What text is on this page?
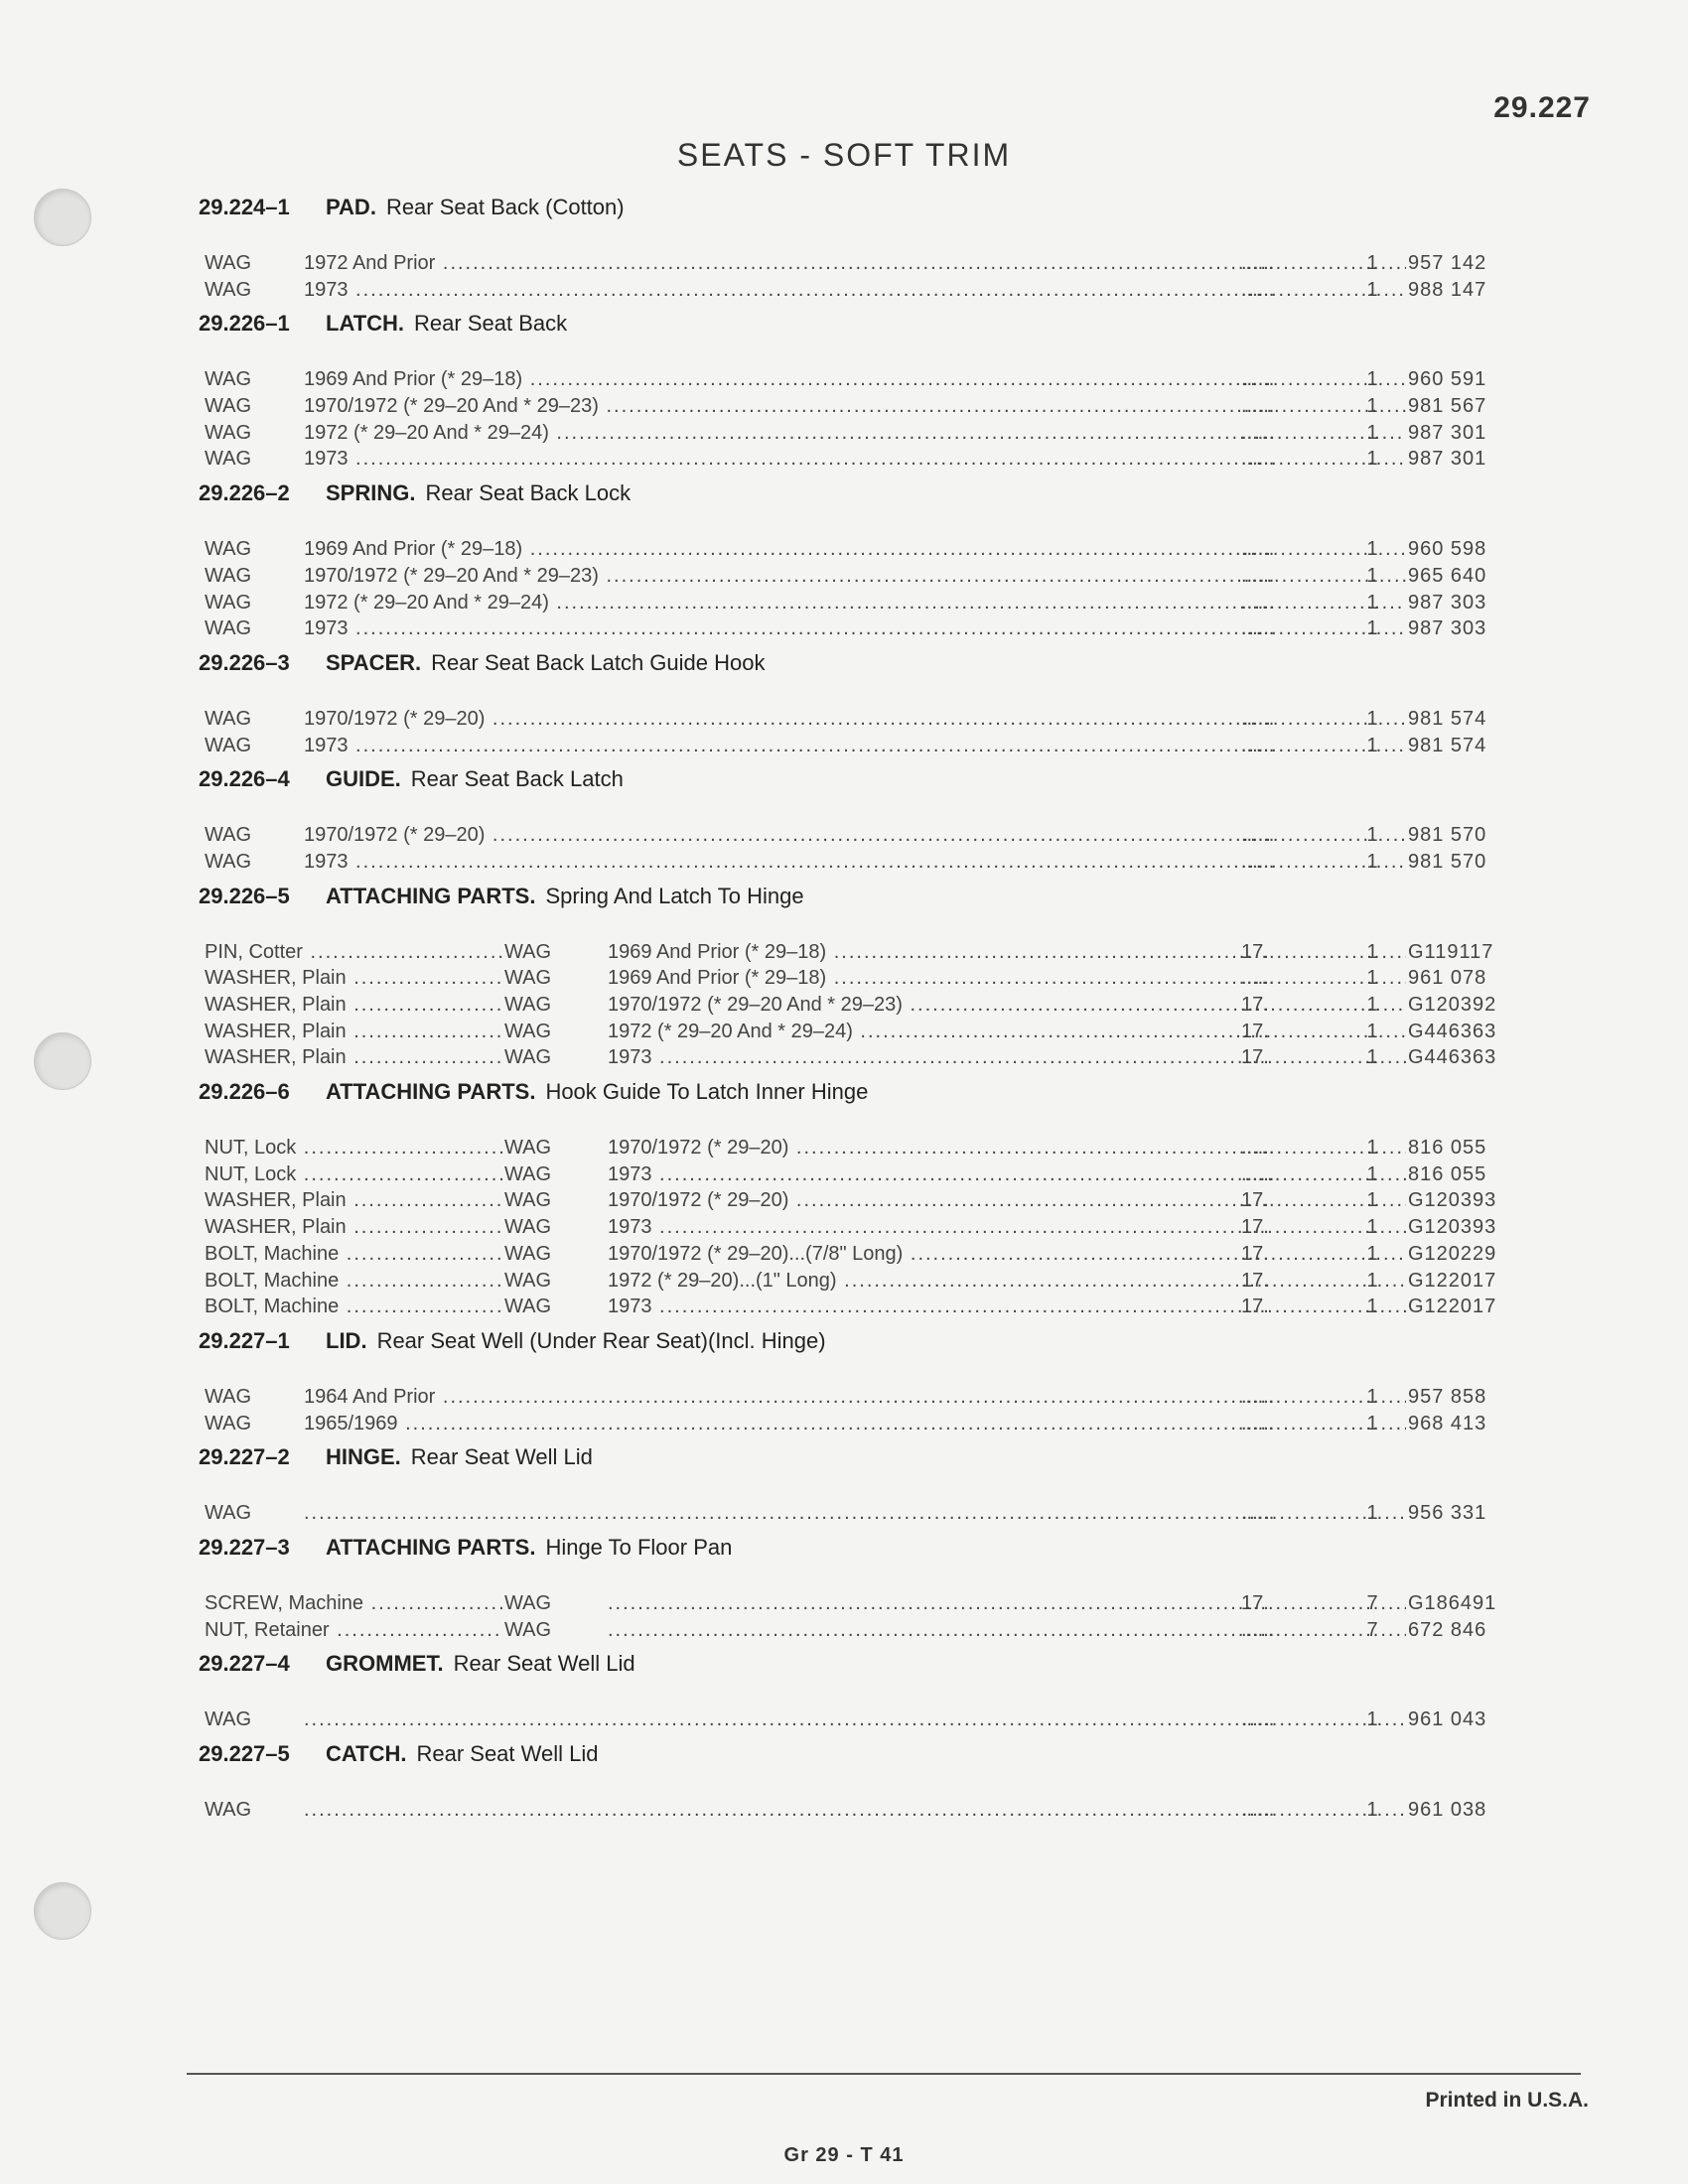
29.227
SEATS - SOFT TRIM
29.224–1 PAD. Rear Seat Back (Cotton)
WAG	1972 And Prior .....	......	1 957 142
WAG	1973 .....	......	1 988 147
29.226–1 LATCH. Rear Seat Back
WAG	1969 And Prior (* 29–18) .....	......	1 960 591
WAG	1970/1972 (* 29–20 And * 29–23) .....	......	1 981 567
WAG	1972 (* 29–20 And * 29–24) .....	......	1 987 301
WAG	1973 .....	......	1 987 301
29.226–2 SPRING. Rear Seat Back Lock
WAG	1969 And Prior (* 29–18) .....	......	1 960 598
WAG	1970/1972 (* 29–20 And * 29–23) .....	......	1 965 640
WAG	1972 (* 29–20 And * 29–24) .....	......	1 987 303
WAG	1973 .....	......	1 987 303
29.226–3 SPACER. Rear Seat Back Latch Guide Hook
WAG	1970/1972 (* 29–20) .....	......	1 981 574
WAG	1973 .....	......	1 981 574
29.226–4 GUIDE. Rear Seat Back Latch
WAG	1970/1972 (* 29–20) .....	......	1 981 570
WAG	1973 .....	......	1 981 570
29.226–5 ATTACHING PARTS. Spring And Latch To Hinge
PIN, Cotter .....	WAG	1969 And Prior (* 29–18) .....	17.	1 G119117
WASHER, Plain .....	WAG	1969 And Prior (* 29–18) .....	......	1 961 078
WASHER, Plain .....	WAG	1970/1972 (* 29–20 And * 29–23) .....	17.	1 G120392
WASHER, Plain .....	WAG	1972 (* 29–20 And * 29–24) .....	17.	1 G446363
WASHER, Plain .....	WAG	1973 .....	17.	1 G446363
29.226–6 ATTACHING PARTS. Hook Guide To Latch Inner Hinge
NUT, Lock .....	WAG	1970/1972 (* 29–20) .....	......	1 816 055
NUT, Lock .....	WAG	1973 .....	......	1 816 055
WASHER, Plain .....	WAG	1970/1972 (* 29–20) .....	17.	1 G120393
WASHER, Plain .....	WAG	1973 .....	17.	1 G120393
BOLT, Machine .....	WAG	1970/1972 (* 29–20)...(7/8" Long) .....	17.	1 G120229
BOLT, Machine .....	WAG	1972 (* 29–20)...(1" Long) .....	17.	1 G122017
BOLT, Machine .....	WAG	1973 .....	17.	1 G122017
29.227–1 LID. Rear Seat Well (Under Rear Seat)(Incl. Hinge)
WAG	1964 And Prior .....	......	1 957 858
WAG	1965/1969 .....	......	1 968 413
29.227–2 HINGE. Rear Seat Well Lid
WAG .....	......	1 956 331
29.227–3 ATTACHING PARTS. Hinge To Floor Pan
SCREW, Machine .....	WAG .....	17.	7 G186491
NUT, Retainer .....	WAG .....	......	7 672 846
29.227–4 GROMMET. Rear Seat Well Lid
WAG .....	......	1 961 043
29.227–5 CATCH. Rear Seat Well Lid
WAG .....	......	1 961 038
Printed in U.S.A.
Gr 29 - T 41
